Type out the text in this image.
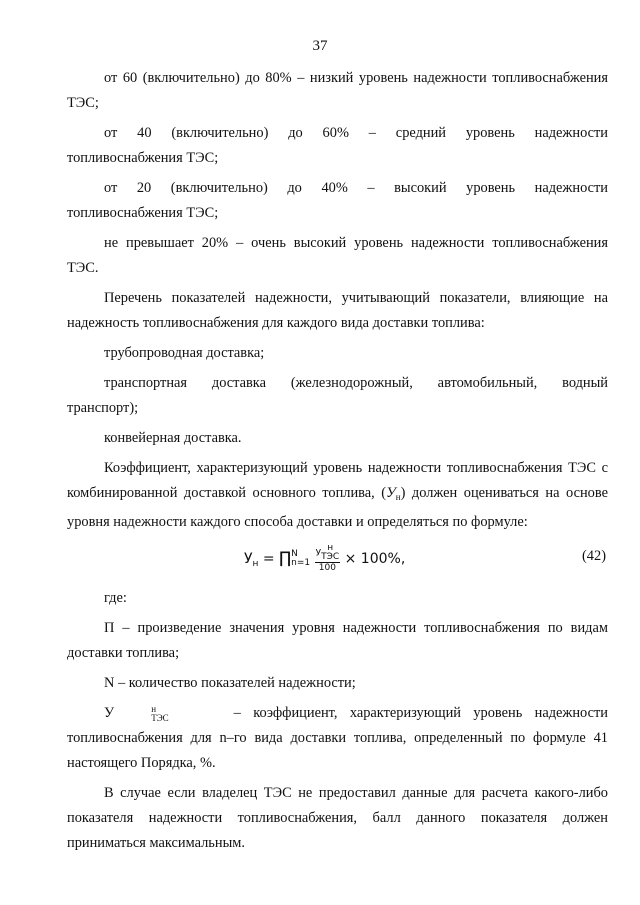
37

от 60 (включительно) до 80% – низкий уровень надежности топливоснабжения ТЭС;

от 40 (включительно) до 60% – средний уровень надежности
топливоснабжения ТЭС;
от 20 (включительно) до 40% – высокий уровень надежности
топливоснабжения ТЭС;

не превышает 20% – очень высокий уровень надежности топливоснабжения ТЭС.

Перечень показателей надежности, учитывающий показатели, влияющие на надежность топливоснабжения для каждого вида доставки топлива:

трубопроводная доставка;

транспортная доставка (железнодорожный, автомобильный, водный
транспорт);

конвейерная доставка.

Коэффициент, характеризующий уровень надежности топливоснабжения ТЭС с комбинированной доставкой основного топлива, $(У_н)$ должен оцениваться на основе уровня надежности каждого способа доставки и определяться по формуле:

$У_н$ = ∏ N
n=1
У
н
ТЭС
100 × 100%,	(42)

где:

П – произведение значения уровня надежности топливоснабжения по видам доставки топлива;

N – количество показателей надежности;

У	н
ТЭС	– коэффициент, характеризующий уровень надежности
топливоснабжения для n–го вида доставки топлива, определенный по формуле 41 настоящего Порядка, %.

В случае если владелец ТЭС не предоставил данные для расчета какого-либо показателя надежности топливоснабжения, балл данного показателя должен приниматься максимальным.
